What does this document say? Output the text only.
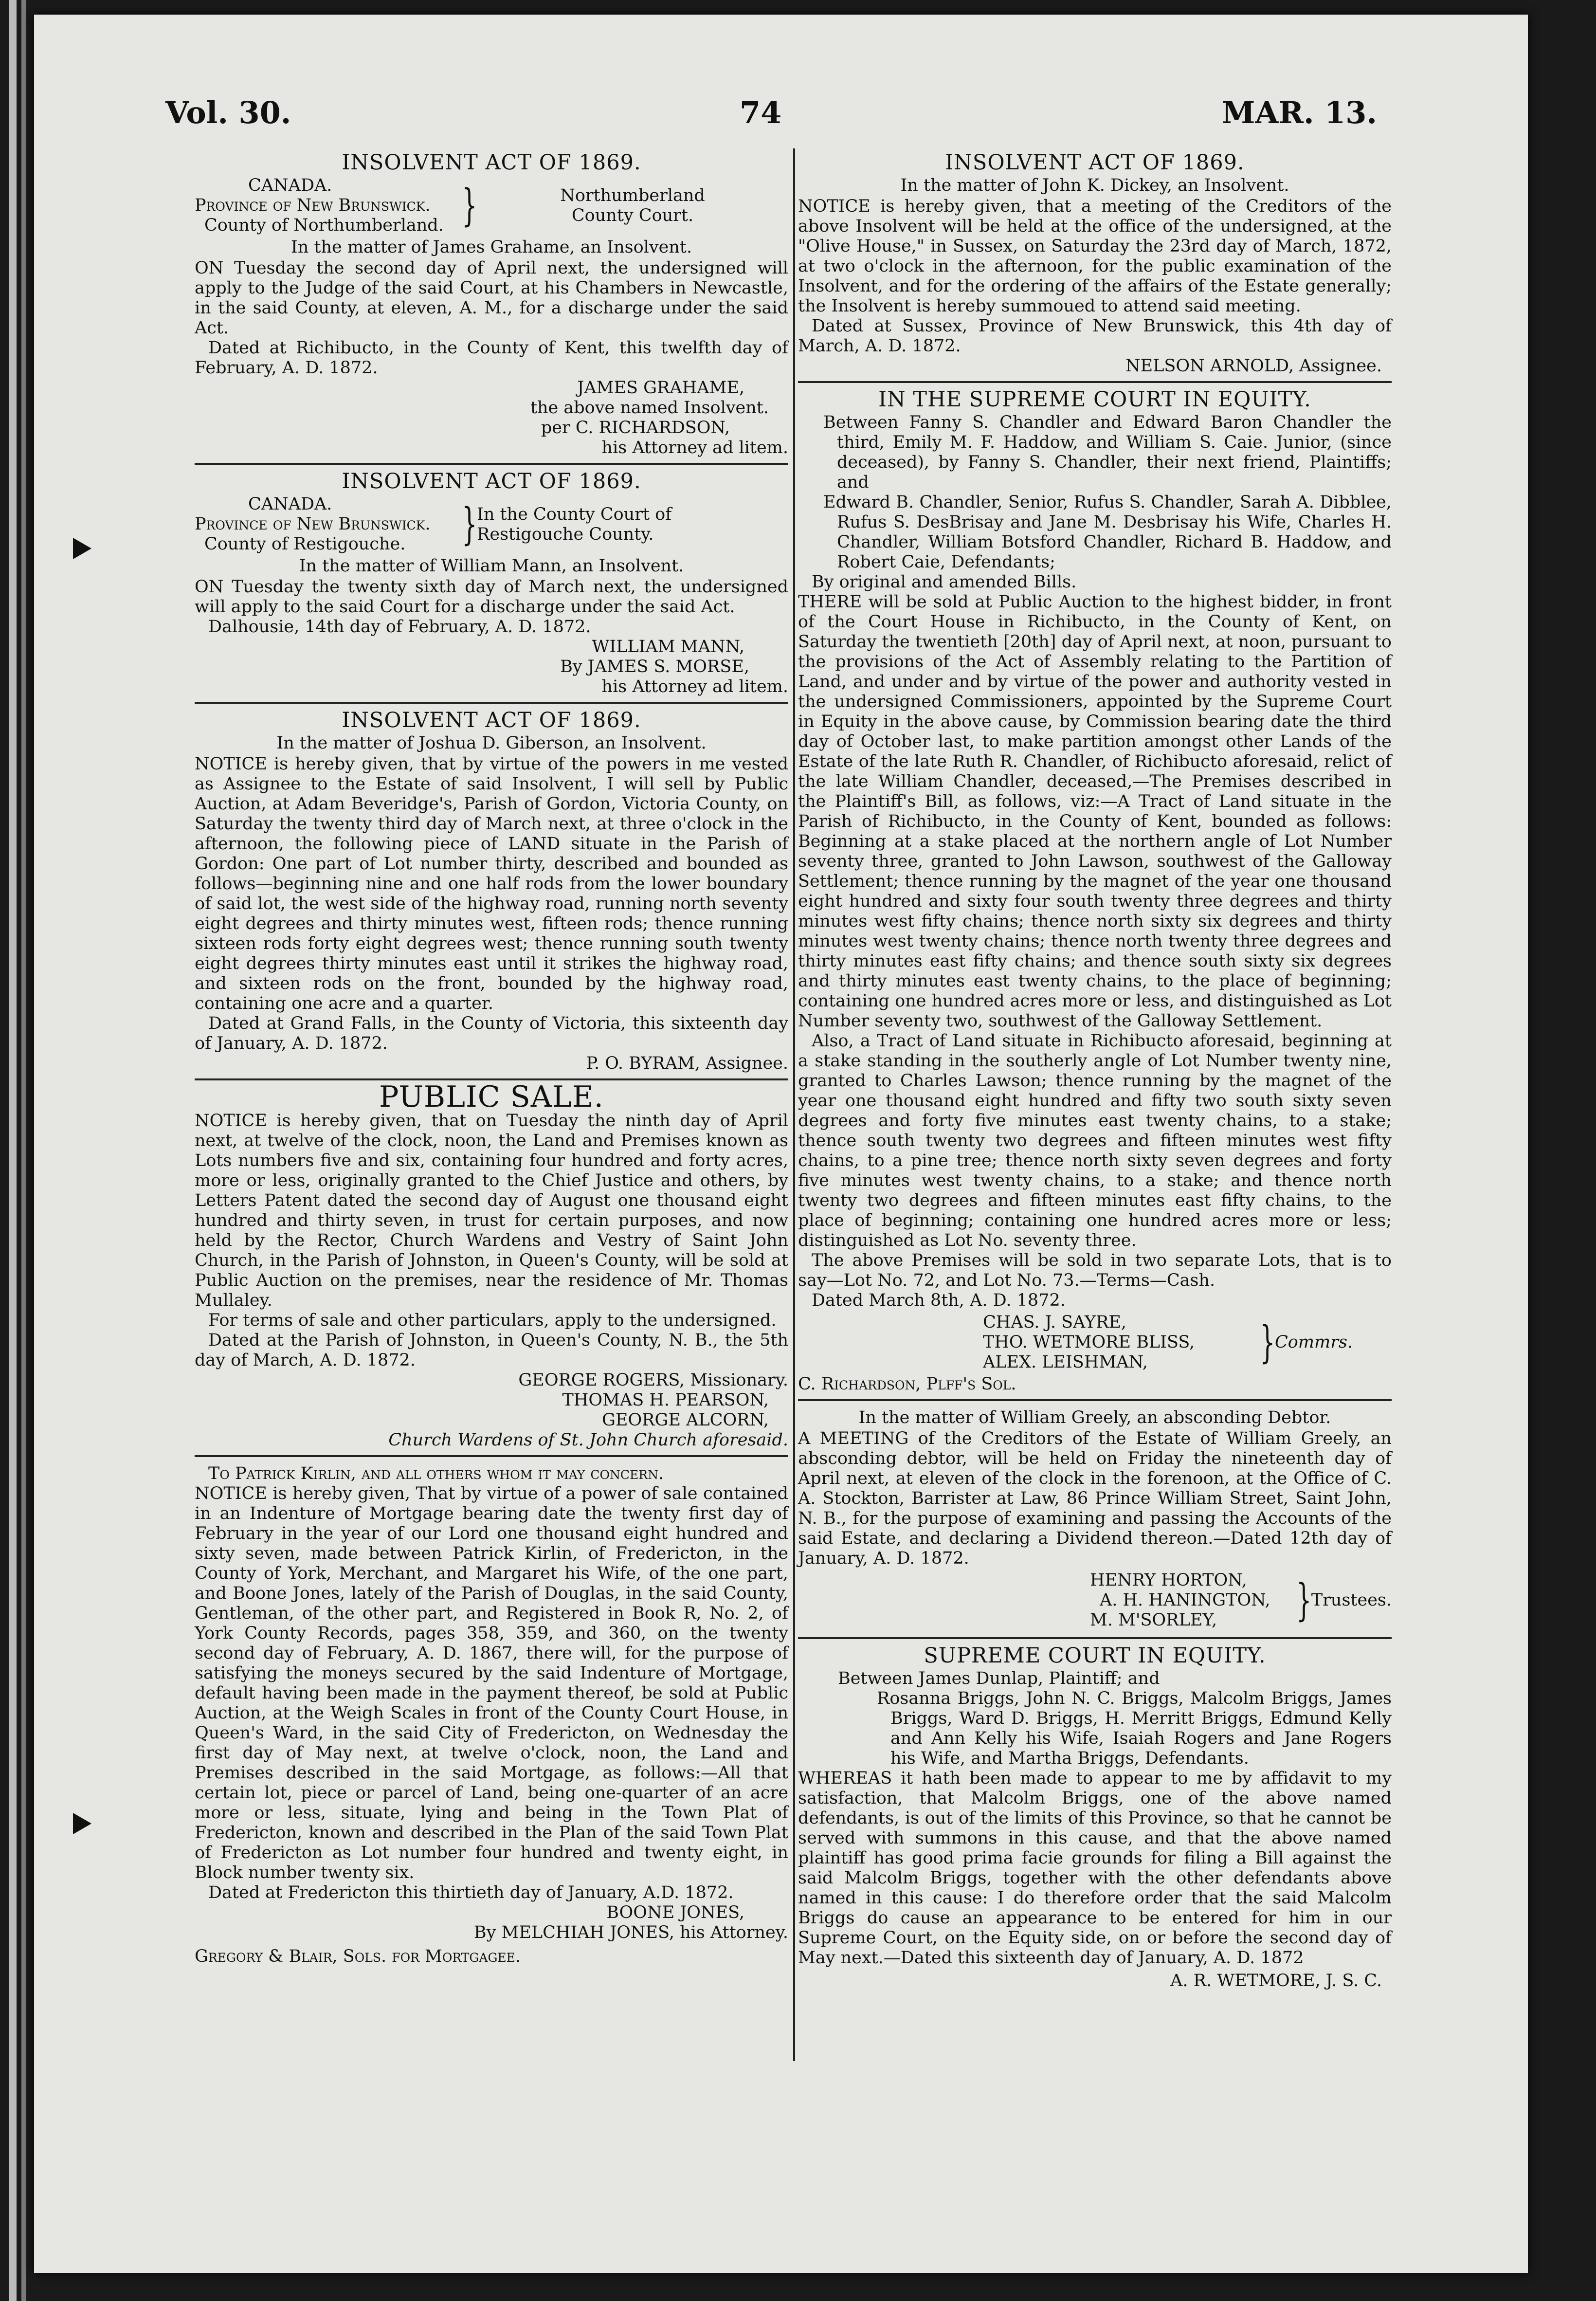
Vol. 30.	74	MAR. 13.
INSOLVENT ACT OF 1869.
CANADA.
Province of New Brunswick.
County of Northumberland. }	Northumberland
County Court.
In the matter of James Grahame, an Insolvent.

ON Tuesday the second day of April next, the undersigned will apply to the Judge of the said Court, at his Chambers in Newcastle, in the said County, at eleven, A. M., for a discharge under the said Act.

Dated at Richibucto, in the County of Kent, this twelfth day of February, A. D. 1872.

JAMES GRAHAME,
the above named Insolvent.
per C. RICHARDSON,
his Attorney ad litem.
INSOLVENT ACT OF 1869.
CANADA.
Province of New Brunswick.
County of Restigouche.	} In the County Court of
Restigouche County.
In the matter of William Mann, an Insolvent.

ON Tuesday the twenty sixth day of March next, the undersigned will apply to the said Court for a discharge under the said Act.

Dalhousie, 14th day of February, A. D. 1872.

WILLIAM MANN,
By JAMES S. MORSE,
his Attorney ad litem.
INSOLVENT ACT OF 1869.
In the matter of Joshua D. Giberson, an Insolvent.

NOTICE is hereby given, that by virtue of the powers in me vested as Assignee to the Estate of said Insolvent, I will sell by Public Auction, at Adam Beveridge's, Parish of Gordon, Victoria County, on Saturday the twenty third day of March next, at three o'clock in the afternoon, the following piece of LAND situate in the Parish of Gordon: One part of Lot number thirty, described and bounded as follows—beginning nine and one half rods from the lower boundary of said lot, the west side of the highway road, running north seventy eight degrees and thirty minutes west, fifteen rods; thence running sixteen rods forty eight degrees west; thence running south twenty eight degrees thirty minutes east until it strikes the highway road, and sixteen rods on the front, bounded by the highway road, containing one acre and a quarter.

Dated at Grand Falls, in the County of Victoria, this sixteenth day of January, A. D. 1872.

P. O. BYRAM, Assignee.
PUBLIC SALE.

NOTICE is hereby given, that on Tuesday the ninth day of April next, at twelve of the clock, noon, the Land and Premises known as Lots numbers five and six, containing four hundred and forty acres, more or less, originally granted to the Chief Justice and others, by Letters Patent dated the second day of August one thousand eight hundred and thirty seven, in trust for certain purposes, and now held by the Rector, Church Wardens and Vestry of Saint John Church, in the Parish of Johnston, in Queen's County, will be sold at Public Auction on the premises, near the residence of Mr. Thomas Mullaley.

For terms of sale and other particulars, apply to the undersigned.

Dated at the Parish of Johnston, in Queen's County, N. B., the 5th day of March, A. D. 1872.

GEORGE ROGERS, Missionary.
THOMAS H. PEARSON,
GEORGE ALCORN,
Church Wardens of St. John Church aforesaid.

To Patrick Kirlin, and all others whom it may concern.

NOTICE is hereby given, That by virtue of a power of sale contained in an Indenture of Mortgage bearing date the twenty first day of February in the year of our Lord one thousand eight hundred and sixty seven, made between Patrick Kirlin, of Fredericton, in the County of York, Merchant, and Margaret his Wife, of the one part, and Boone Jones, lately of the Parish of Douglas, in the said County, Gentleman, of the other part, and Registered in Book R, No. 2, of York County Records, pages 358, 359, and 360, on the twenty second day of February, A. D. 1867, there will, for the purpose of satisfying the moneys secured by the said Indenture of Mortgage, default having been made in the payment thereof, be sold at Public Auction, at the Weigh Scales in front of the County Court House, in Queen's Ward, in the said City of Fredericton, on Wednesday the first day of May next, at twelve o'clock, noon, the Land and Premises described in the said Mortgage, as follows:—All that certain lot, piece or parcel of Land, being one-quarter of an acre more or less, situate, lying and being in the Town Plat of Fredericton, known and described in the Plan of the said Town Plat of Fredericton as Lot number four hundred and twenty eight, in Block number twenty six.

Dated at Fredericton this thirtieth day of January, A.D. 1872.

BOONE JONES,
By MELCHIAH JONES, his Attorney.

Gregory & Blair, Sols. for Mortgagee.

INSOLVENT ACT OF 1869.
In the matter of John K. Dickey, an Insolvent.

NOTICE is hereby given, that a meeting of the Creditors of the above Insolvent will be held at the office of the undersigned, at the "Olive House," in Sussex, on Saturday the 23rd day of March, 1872, at two o'clock in the afternoon, for the public examination of the Insolvent, and for the ordering of the affairs of the Estate generally; the Insolvent is hereby summoued to attend said meeting.

Dated at Sussex, Province of New Brunswick, this 4th day of March, A. D. 1872.

NELSON ARNOLD, Assignee.
IN THE SUPREME COURT IN EQUITY.

Between Fanny S. Chandler and Edward Baron Chandler the third, Emily M. F. Haddow, and William S. Caie. Junior, (since deceased), by Fanny S. Chandler, their next friend, Plaintiffs; and

Edward B. Chandler, Senior, Rufus S. Chandler, Sarah A. Dibblee, Rufus S. DesBrisay and Jane M. Desbrisay his Wife, Charles H. Chandler, William Botsford Chandler, Richard B. Haddow, and Robert Caie, Defendants;

By original and amended Bills.

THERE will be sold at Public Auction to the highest bidder, in front of the Court House in Richibucto, in the County of Kent, on Saturday the twentieth [20th] day of April next, at noon, pursuant to the provisions of the Act of Assembly relating to the Partition of Land, and under and by virtue of the power and authority vested in the undersigned Commissioners, appointed by the Supreme Court in Equity in the above cause, by Commission bearing date the third day of October last, to make partition amongst other Lands of the Estate of the late Ruth R. Chandler, of Richibucto aforesaid, relict of the late William Chandler, deceased,—The Premises described in the Plaintiff's Bill, as follows, viz:—A Tract of Land situate in the Parish of Richibucto, in the County of Kent, bounded as follows: Beginning at a stake placed at the northern angle of Lot Number seventy three, granted to John Lawson, southwest of the Galloway Settlement; thence running by the magnet of the year one thousand eight hundred and sixty four south twenty three degrees and thirty minutes west fifty chains; thence north sixty six degrees and thirty minutes west twenty chains; thence north twenty three degrees and thirty minutes east fifty chains; and thence south sixty six degrees and thirty minutes east twenty chains, to the place of beginning; containing one hundred acres more or less, and distinguished as Lot Number seventy two, southwest of the Galloway Settlement.

Also, a Tract of Land situate in Richibucto aforesaid, beginning at a stake standing in the southerly angle of Lot Number twenty nine, granted to Charles Lawson; thence running by the magnet of the year one thousand eight hundred and fifty two south sixty seven degrees and forty five minutes east twenty chains, to a stake; thence south twenty two degrees and fifteen minutes west fifty chains, to a pine tree; thence north sixty seven degrees and forty five minutes west twenty chains, to a stake; and thence north twenty two degrees and fifteen minutes east fifty chains, to the place of beginning; containing one hundred acres more or less; distinguished as Lot No. seventy three.

The above Premises will be sold in two separate Lots, that is to say—Lot No. 72, and Lot No. 73.—Terms—Cash.

Dated March 8th, A. D. 1872.

CHAS. J. SAYRE,
THO. WETMORE BLISS,
ALEX. LEISHMAN,	} Commrs.

C. Richardson, Plff's Sol.

In the matter of William Greely, an absconding Debtor.

A MEETING of the Creditors of the Estate of William Greely, an absconding debtor, will be held on Friday the nineteenth day of April next, at eleven of the clock in the forenoon, at the Office of C. A. Stockton, Barrister at Law, 86 Prince William Street, Saint John, N. B., for the purpose of examining and passing the Accounts of the said Estate, and declaring a Dividend thereon.—Dated 12th day of January, A. D. 1872.

HENRY HORTON,
A. H. HANINGTON,
M. M'SORLEY,	} Trustees.
SUPREME COURT IN EQUITY.

Between James Dunlap, Plaintiff; and

Rosanna Briggs, John N. C. Briggs, Malcolm Briggs, James Briggs, Ward D. Briggs, H. Merritt Briggs, Edmund Kelly and Ann Kelly his Wife, Isaiah Rogers and Jane Rogers his Wife, and Martha Briggs, Defendants.

WHEREAS it hath been made to appear to me by affidavit to my satisfaction, that Malcolm Briggs, one of the above named defendants, is out of the limits of this Province, so that he cannot be served with summons in this cause, and that the above named plaintiff has good prima facie grounds for filing a Bill against the said Malcolm Briggs, together with the other defendants above named in this cause: I do therefore order that the said Malcolm Briggs do cause an appearance to be entered for him in our Supreme Court, on the Equity side, on or before the second day of May next.—Dated this sixteenth day of January, A. D. 1872

A. R. WETMORE, J. S. C.
